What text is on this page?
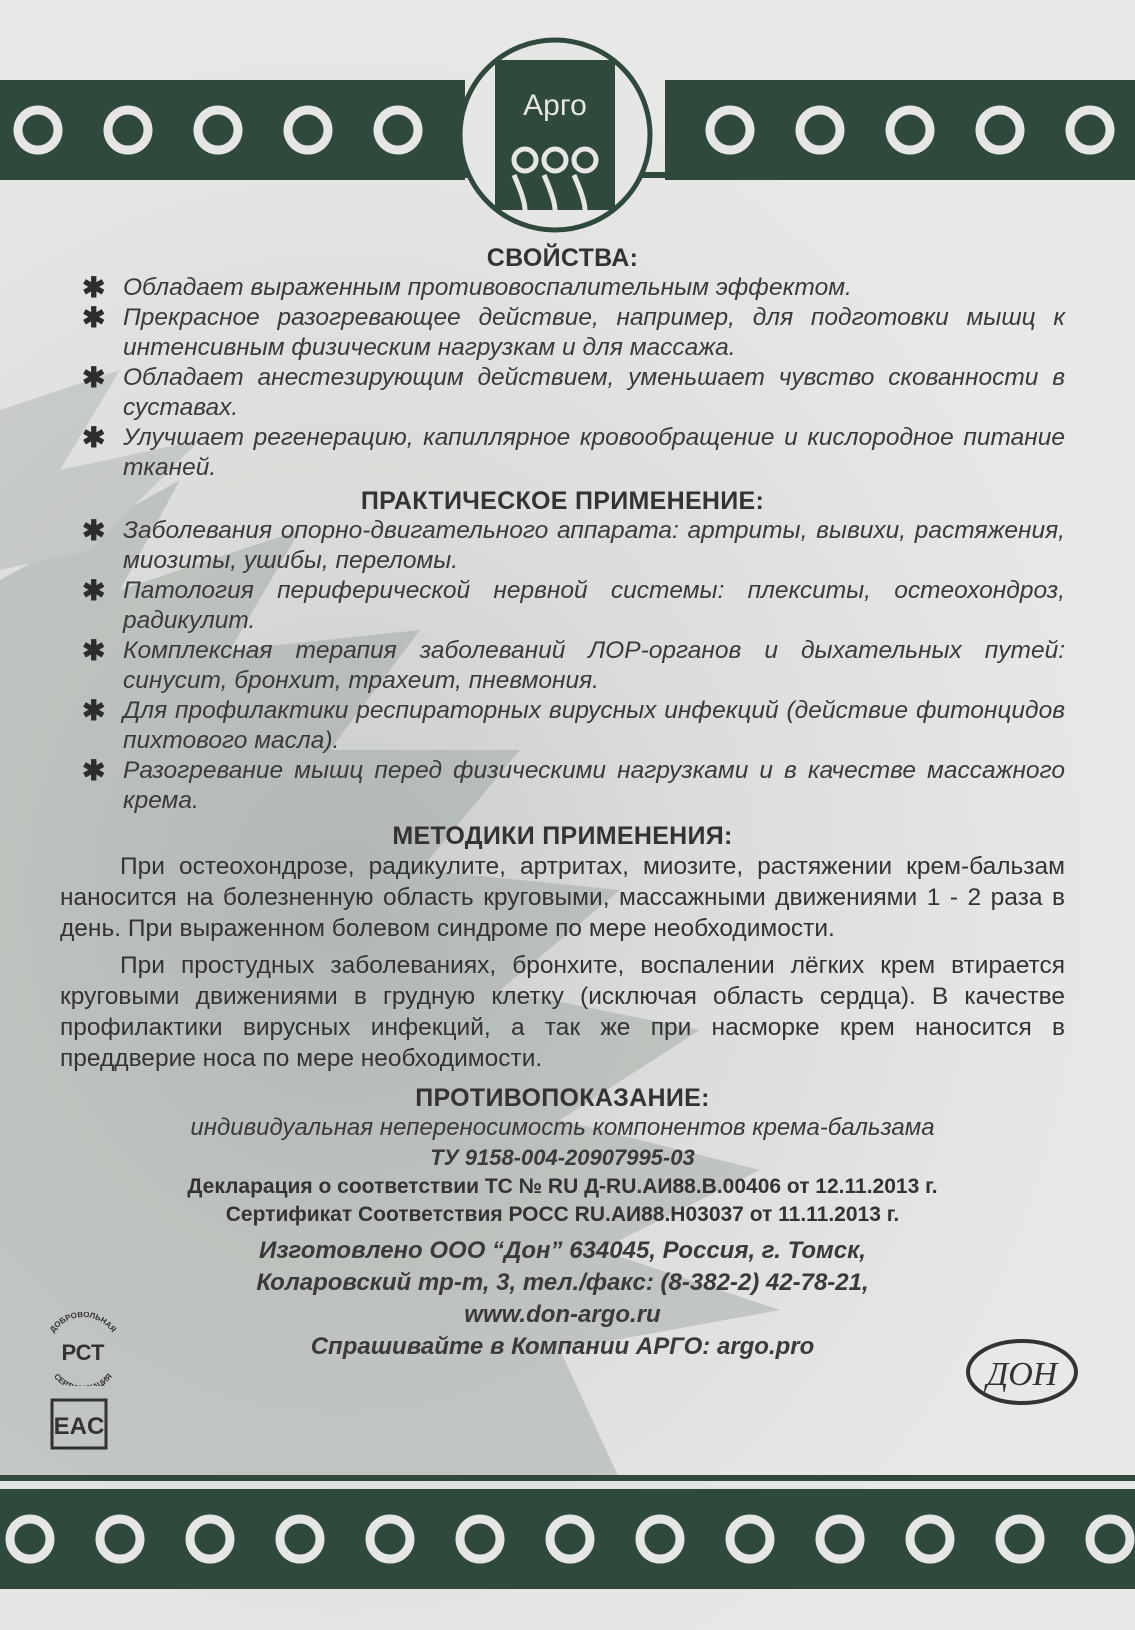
Арго
СВОЙСТВА:
✱ Обладает выраженным противовоспалительным эффектом.
✱ Прекрасное разогревающее действие, например, для подготовки мышц к интенсивным физическим нагрузкам и для массажа.
✱ Обладает анестезирующим действием, уменьшает чувство скованности в суставах.
✱ Улучшает регенерацию, капиллярное кровообращение и кислородное питание тканей.
ПРАКТИЧЕСКОЕ ПРИМЕНЕНИЕ:
✱ Заболевания опорно-двигательного аппарата: артриты, вывихи, растяжения, миозиты, ушибы, переломы.
✱ Патология периферической нервной системы: плекситы, остеохондроз, радикулит.
✱ Комплексная терапия заболеваний ЛОР-органов и дыхательных путей: синусит, бронхит, трахеит, пневмония.
✱ Для профилактики респираторных вирусных инфекций (действие фитонцидов пихтового масла).
✱ Разогревание мышц перед физическими нагрузками и в качестве массажного крема.
МЕТОДИКИ ПРИМЕНЕНИЯ:

При остеохондрозе, радикулите, артритах, миозите, растяжении крем-бальзам наносится на болезненную область круговыми, массажными движениями 1 - 2 раза в день. При выраженном болевом синдроме по мере необходимости.

При простудных заболеваниях, бронхите, воспалении лёгких крем втирается круговыми движениями в грудную клетку (исключая область сердца). В качестве профилактики вирусных инфекций, а так же при насморке крем наносится в преддверие носа по мере необходимости.

ПРОТИВОПОКАЗАНИЕ:

индивидуальная непереносимость компонентов крема-бальзама

ТУ 9158-004-20907995-03

Декларация о соответствии ТС № RU Д-RU.АИ88.В.00406 от 12.11.2013 г.

Сертификат Соответствия РОСС RU.АИ88.Н03037 от 11.11.2013 г.

Изготовлено ООО “Дон” 634045, Россия, г. Томск,

Коларовский тр-т, 3, тел./факс: (8-382-2) 42-78-21,

www.don-argo.ru

Спрашивайте в Компании АРГО: argo.pro

ДОБРОВОЛЬНАЯ
СЕРТ ЦИЯ
РСТ
EAC
ДОН
